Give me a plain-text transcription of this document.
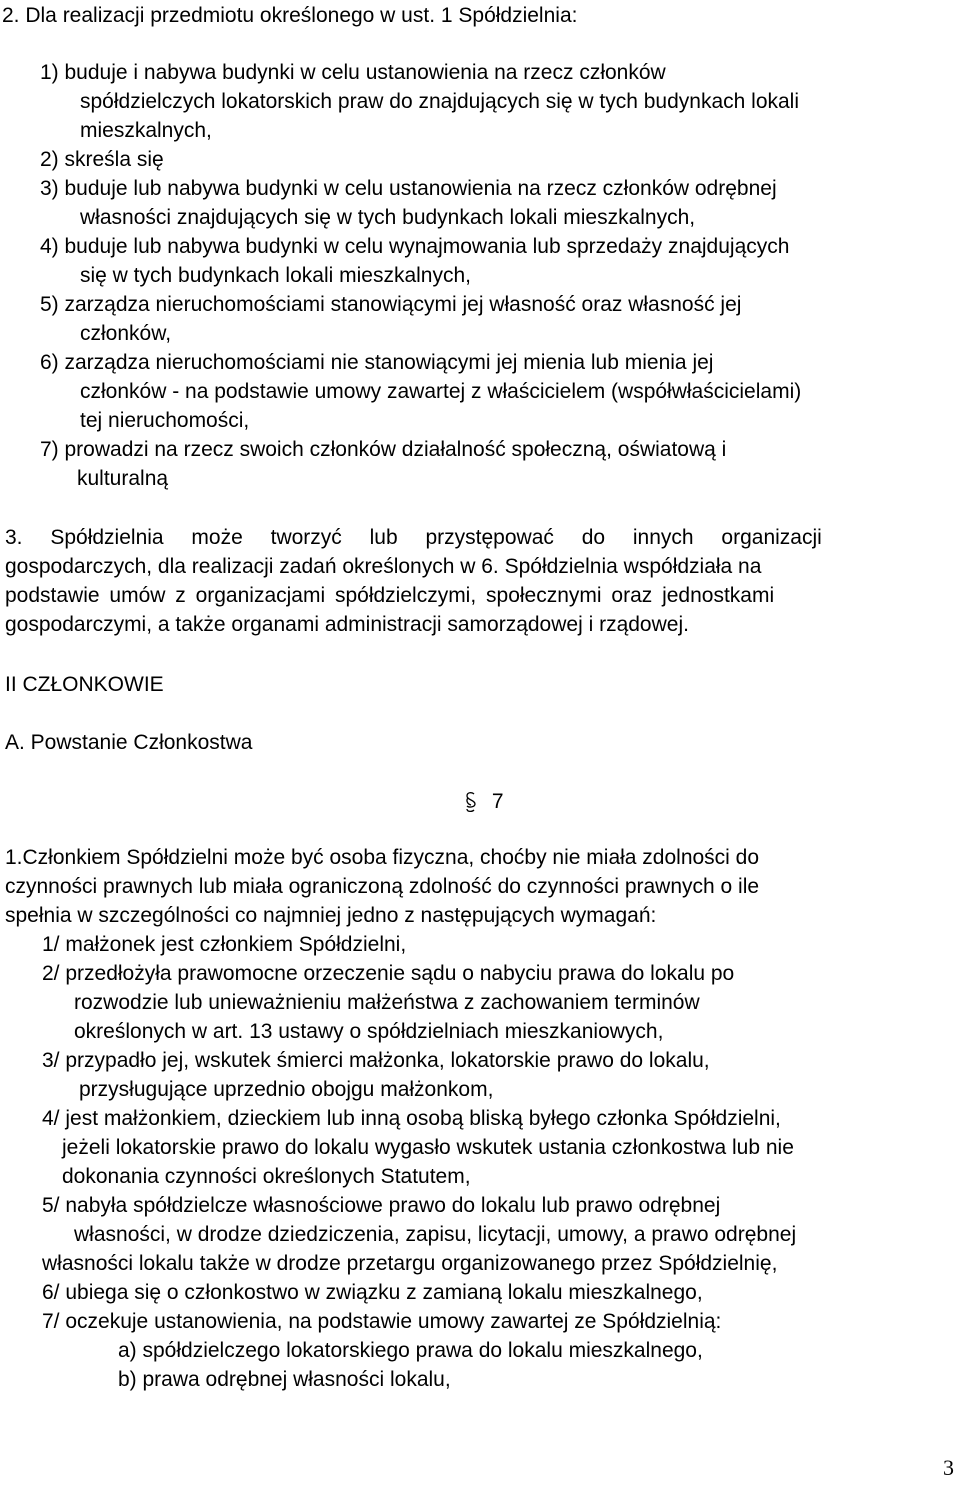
2. Dla realizacji przedmiotu określonego w ust. 1 Spółdzielnia:
1) buduje i nabywa budynki w celu ustanowienia na rzecz członków
spółdzielczych lokatorskich praw do znajdujących się w tych budynkach lokali
mieszkalnych,
2) skreśla się
3) buduje lub nabywa budynki w celu ustanowienia na rzecz członków odrębnej
własności znajdujących się w tych budynkach lokali mieszkalnych,
4) buduje lub nabywa budynki w celu wynajmowania lub sprzedaży znajdujących
się w tych budynkach lokali mieszkalnych,
5) zarządza nieruchomościami stanowiącymi jej własność oraz własność jej
członków,
6) zarządza nieruchomościami nie stanowiącymi jej mienia lub mienia jej
członków - na podstawie umowy zawartej z właścicielem (współwłaścicielami)
tej nieruchomości,
7) prowadzi na rzecz swoich członków działalność społeczną, oświatową i
kulturalną
3. Spółdzielnia może tworzyć lub przystępować do innych organizacji
gospodarczych, dla realizacji zadań określonych w 6. Spółdzielnia współdziała na
podstawie umów z organizacjami spółdzielczymi, społecznymi oraz jednostkami
gospodarczymi, a także organami administracji samorządowej i rządowej.
II CZŁONKOWIE
A. Powstanie Członkostwa
7
1.Członkiem Spółdzielni może być osoba fizyczna, choćby nie miała zdolności do
czynności prawnych lub miała ograniczoną zdolność do czynności prawnych o ile
spełnia w szczególności co najmniej jedno z następujących wymagań:
1/ małżonek jest członkiem Spółdzielni,
2/ przedłożyła prawomocne orzeczenie sądu o nabyciu prawa do lokalu po
rozwodzie lub unieważnieniu małżeństwa z zachowaniem terminów
określonych w art. 13 ustawy o spółdzielniach mieszkaniowych,
3/ przypadło jej, wskutek śmierci małżonka, lokatorskie prawo do lokalu,
przysługujące uprzednio obojgu małżonkom,
4/ jest małżonkiem, dzieckiem lub inną osobą bliską byłego członka Spółdzielni,
jeżeli lokatorskie prawo do lokalu wygasło wskutek ustania członkostwa lub nie
dokonania czynności określonych Statutem,
5/ nabyła spółdzielcze własnościowe prawo do lokalu lub prawo odrębnej
własności, w drodze dziedziczenia, zapisu, licytacji, umowy, a prawo odrębnej
własności lokalu także w drodze przetargu organizowanego przez Spółdzielnię,
6/ ubiega się o członkostwo w związku z zamianą lokalu mieszkalnego,
7/ oczekuje ustanowienia, na podstawie umowy zawartej ze Spółdzielnią:
a) spółdzielczego lokatorskiego prawa do lokalu mieszkalnego,
b) prawa odrębnej własności lokalu,
3
